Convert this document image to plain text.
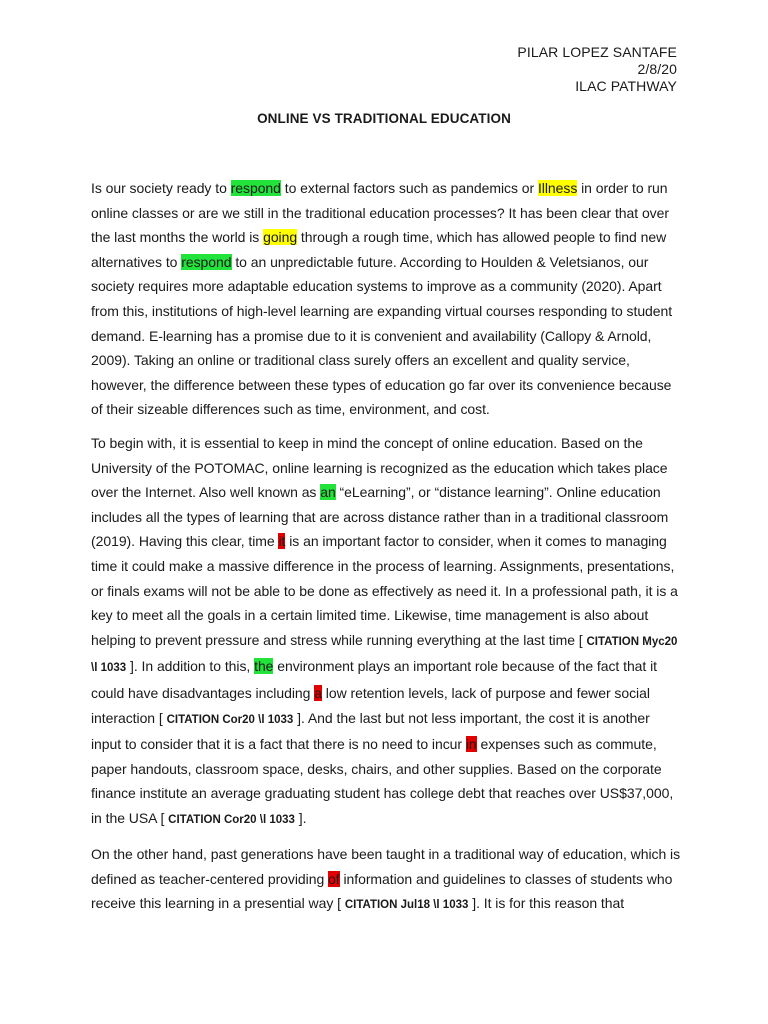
PILAR LOPEZ SANTAFE
2/8/20
ILAC PATHWAY
ONLINE VS TRADITIONAL EDUCATION
Is our society ready to respond to external factors such as pandemics or Illness in order to run
online classes or are we still in the traditional education processes? It has been clear that over
the last months the world is going through a rough time, which has allowed people to find new
alternatives to respond to an unpredictable future. According to Houlden & Veletsianos, our
society requires more adaptable education systems to improve as a community (2020). Apart
from this, institutions of high-level learning are expanding virtual courses responding to student
demand. E-learning has a promise due to it is convenient and availability (Callopy & Arnold,
2009). Taking an online or traditional class surely offers an excellent and quality service,
however, the difference between these types of education go far over its convenience because
of their sizeable differences such as time, environment, and cost.
To begin with, it is essential to keep in mind the concept of online education. Based on the
University of the POTOMAC, online learning is recognized as the education which takes place
over the Internet. Also well known as an “eLearning”, or “distance learning”. Online education
includes all the types of learning that are across distance rather than in a traditional classroom
(2019). Having this clear, time it is an important factor to consider, when it comes to managing
time it could make a massive difference in the process of learning. Assignments, presentations,
or finals exams will not be able to be done as effectively as need it. In a professional path, it is a
key to meet all the goals in a certain limited time. Likewise, time management is also about
helping to prevent pressure and stress while running everything at the last time [ CITATION Myc20
\l 1033 ]. In addition to this, the environment plays an important role because of the fact that it
could have disadvantages including a low retention levels, lack of purpose and fewer social
interaction [ CITATION Cor20 \l 1033 ]. And the last but not less important, the cost it is another
input to consider that it is a fact that there is no need to incur in expenses such as commute,
paper handouts, classroom space, desks, chairs, and other supplies. Based on the corporate
finance institute an average graduating student has college debt that reaches over US$37,000,
in the USA [ CITATION Cor20 \l 1033 ].
On the other hand, past generations have been taught in a traditional way of education, which is
defined as teacher-centered providing of information and guidelines to classes of students who
receive this learning in a presential way [ CITATION Jul18 \l 1033 ]. It is for this reason that
